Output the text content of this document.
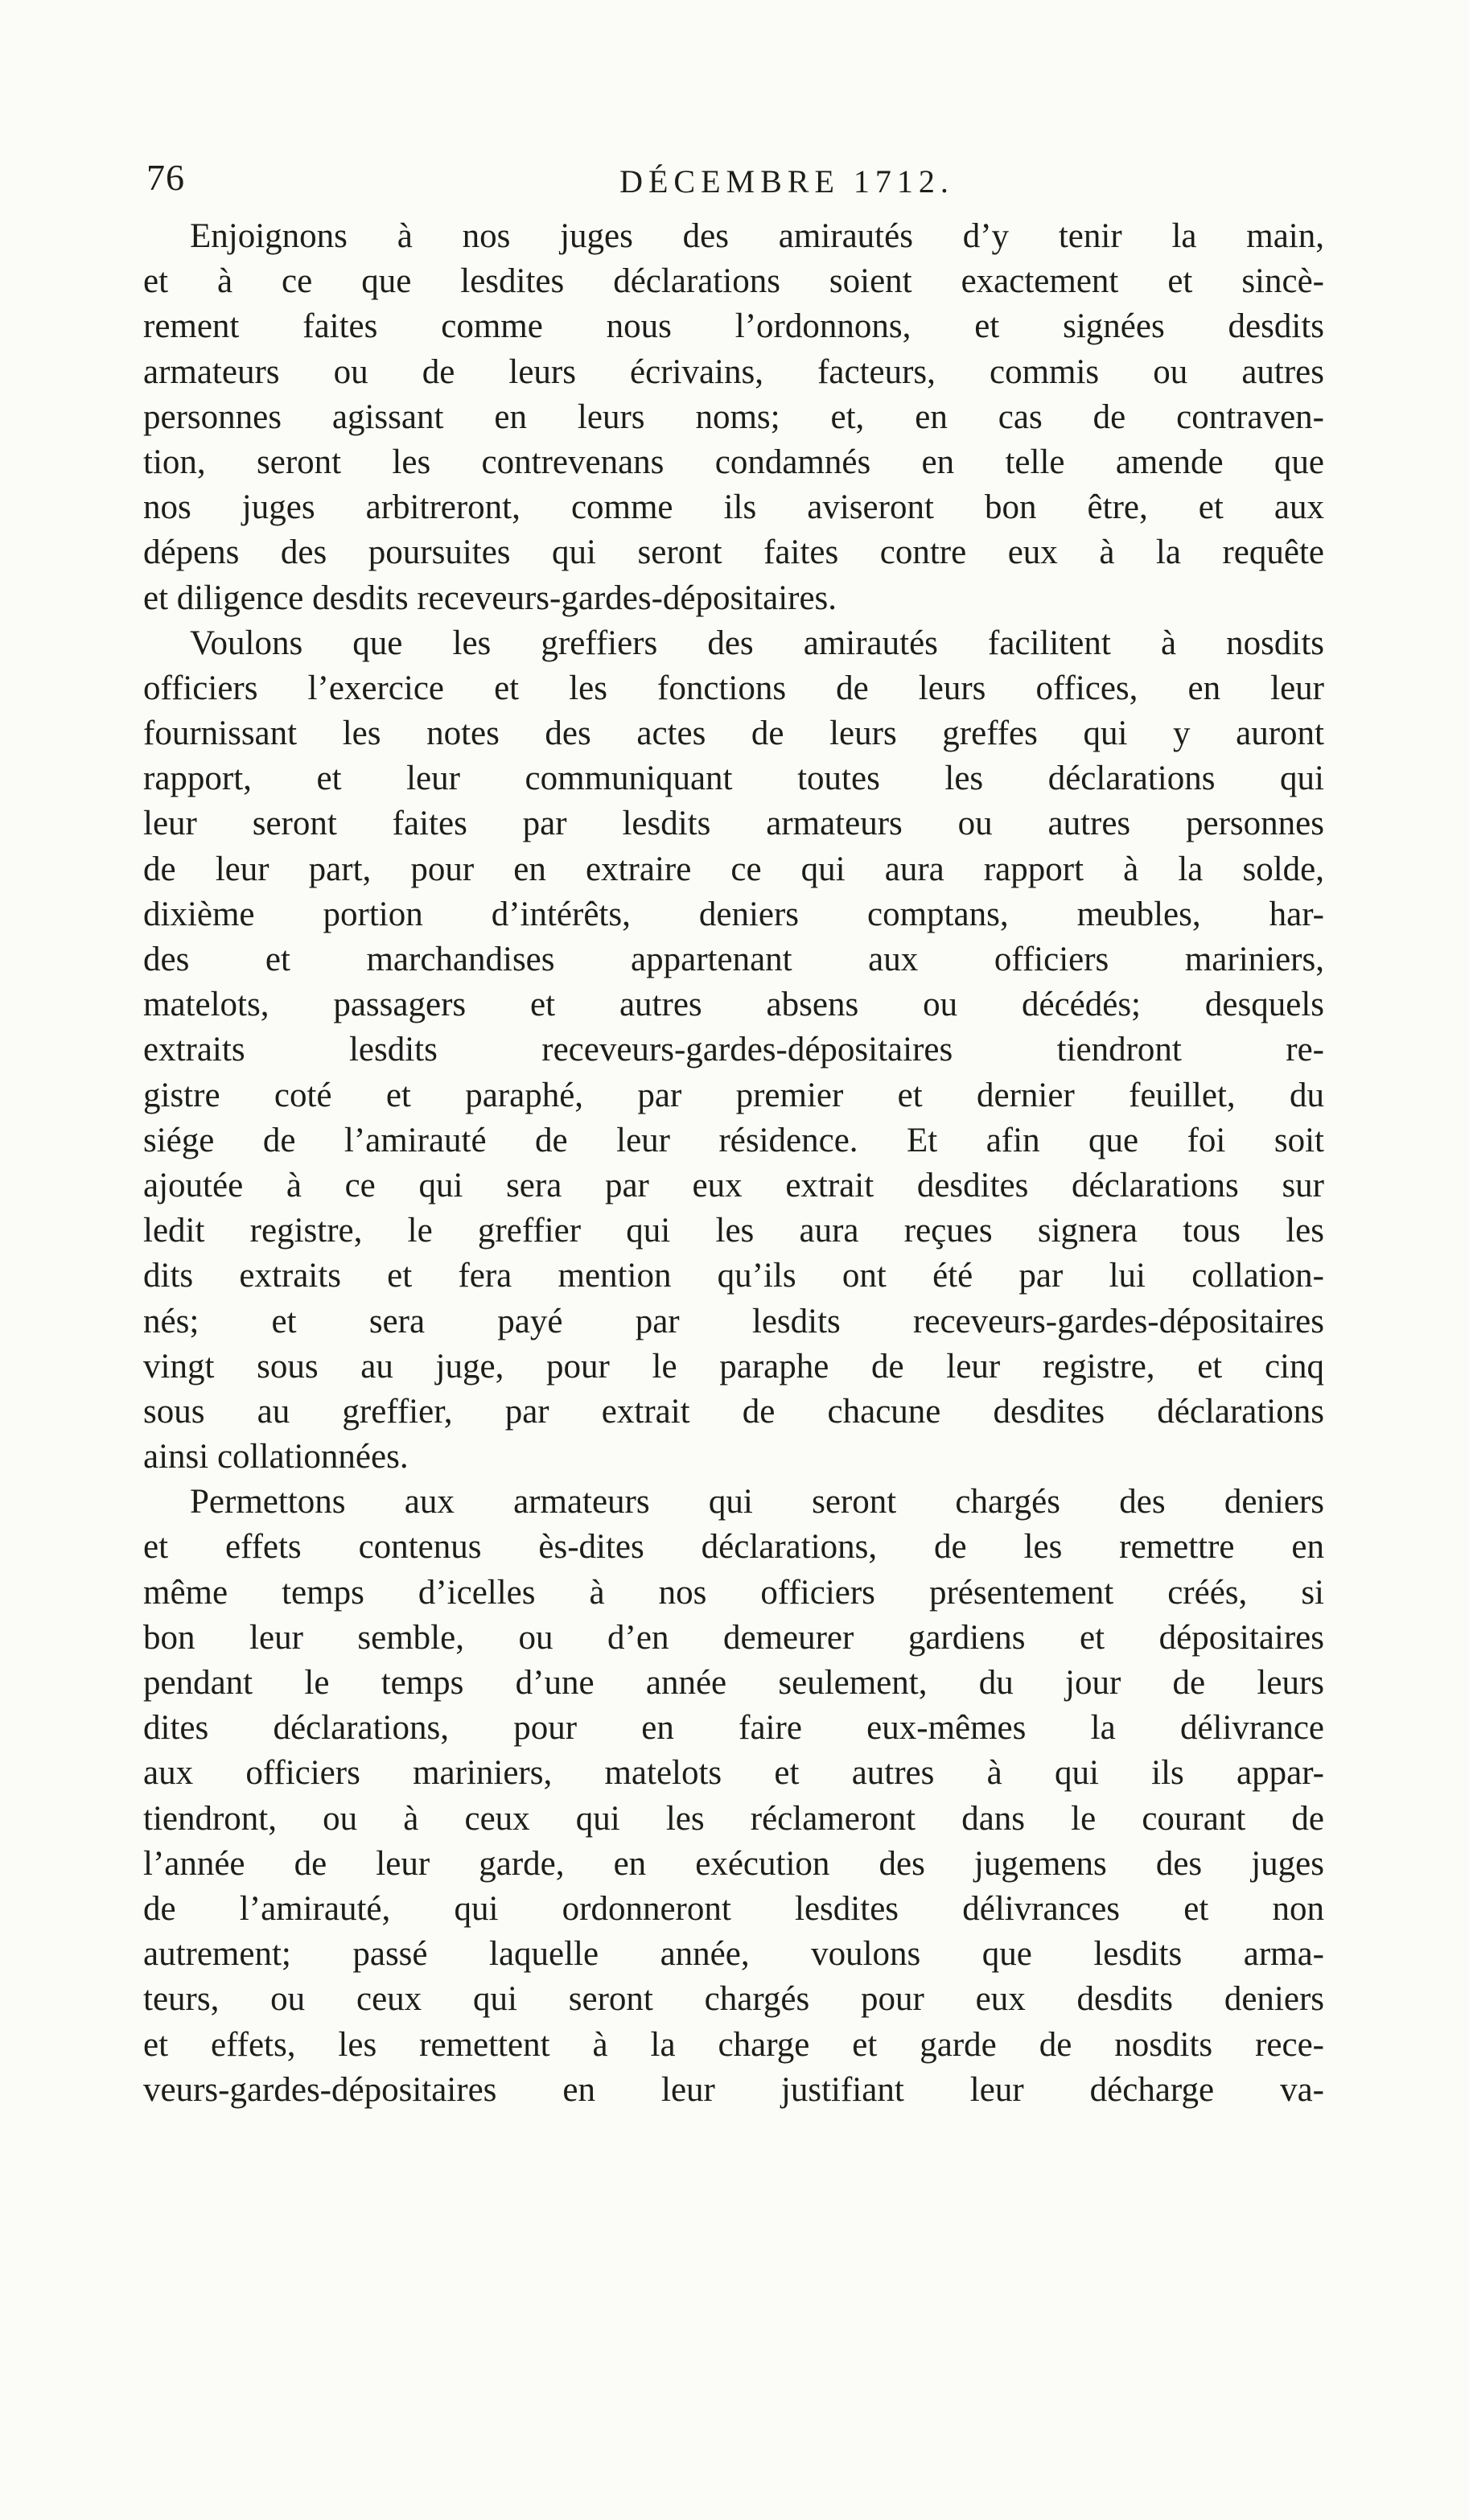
76	DÉCEMBRE 1712.
Enjoignons à nos juges des amirautés d’y tenir la main,
et à ce que lesdites déclarations soient exactement et sincè-
rement faites comme nous l’ordonnons, et signées desdits
armateurs ou de leurs écrivains, facteurs, commis ou autres
personnes agissant en leurs noms; et, en cas de contraven-
tion, seront les contrevenans condamnés en telle amende que
nos juges arbitreront, comme ils aviseront bon être, et aux
dépens des poursuites qui seront faites contre eux à la requête
et diligence desdits receveurs-gardes-dépositaires.
Voulons que les greffiers des amirautés facilitent à nosdits
officiers l’exercice et les fonctions de leurs offices, en leur
fournissant les notes des actes de leurs greffes qui y auront
rapport, et leur communiquant toutes les déclarations qui
leur seront faites par lesdits armateurs ou autres personnes
de leur part, pour en extraire ce qui aura rapport à la solde,
dixième portion d’intérêts, deniers comptans, meubles, har-
des et marchandises appartenant aux officiers mariniers,
matelots, passagers et autres absens ou décédés; desquels
extraits lesdits receveurs-gardes-dépositaires tiendront re-
gistre coté et paraphé, par premier et dernier feuillet, du
siége de l’amirauté de leur résidence. Et afin que foi soit
ajoutée à ce qui sera par eux extrait desdites déclarations sur
ledit registre, le greffier qui les aura reçues signera tous les
dits extraits et fera mention qu’ils ont été par lui collation-
nés; et sera payé par lesdits receveurs-gardes-dépositaires
vingt sous au juge, pour le paraphe de leur registre, et cinq
sous au greffier, par extrait de chacune desdites déclarations
ainsi collationnées.
Permettons aux armateurs qui seront chargés des deniers
et effets contenus ès-dites déclarations, de les remettre en
même temps d’icelles à nos officiers présentement créés, si
bon leur semble, ou d’en demeurer gardiens et dépositaires
pendant le temps d’une année seulement, du jour de leurs
dites déclarations, pour en faire eux-mêmes la délivrance
aux officiers mariniers, matelots et autres à qui ils appar-
tiendront, ou à ceux qui les réclameront dans le courant de
l’année de leur garde, en exécution des jugemens des juges
de l’amirauté, qui ordonneront lesdites délivrances et non
autrement; passé laquelle année, voulons que lesdits arma-
teurs, ou ceux qui seront chargés pour eux desdits deniers
et effets, les remettent à la charge et garde de nosdits rece-
veurs-gardes-dépositaires en leur justifiant leur décharge va-
